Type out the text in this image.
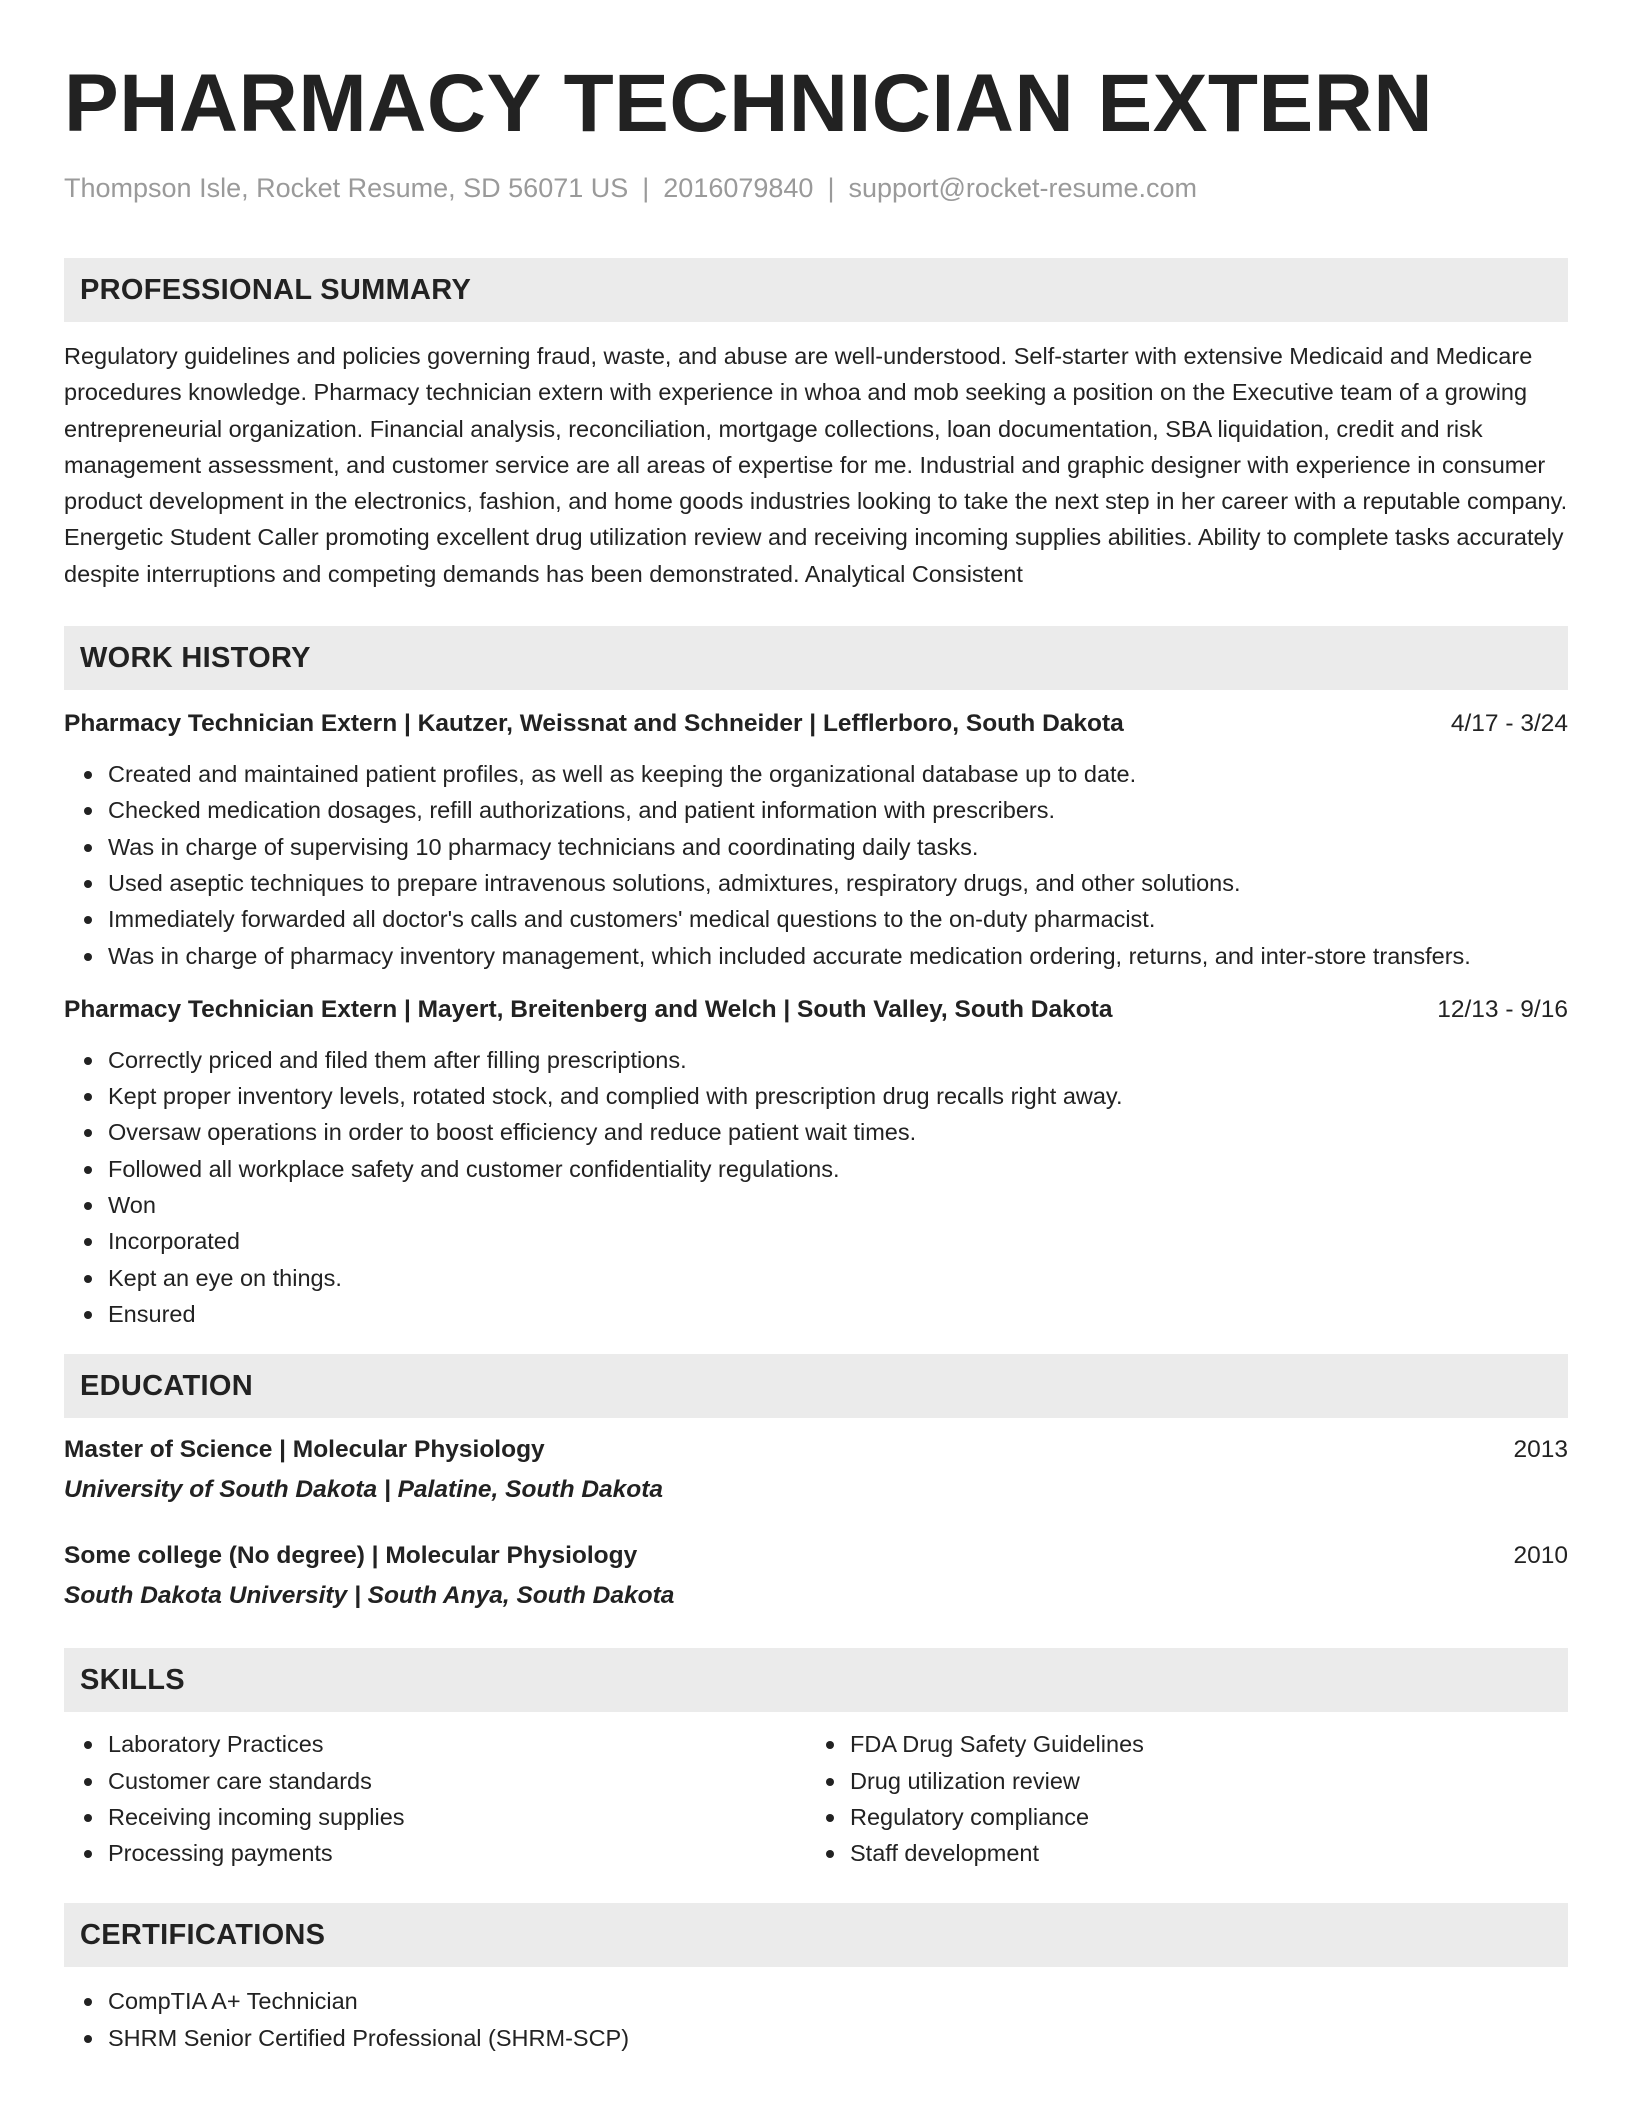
PHARMACY TECHNICIAN EXTERN
Thompson Isle, Rocket Resume, SD 56071 US | 2016079840 | support@rocket-resume.com
PROFESSIONAL SUMMARY
Regulatory guidelines and policies governing fraud, waste, and abuse are well-understood. Self-starter with extensive Medicaid and Medicare procedures knowledge. Pharmacy technician extern with experience in whoa and mob seeking a position on the Executive team of a growing entrepreneurial organization. Financial analysis, reconciliation, mortgage collections, loan documentation, SBA liquidation, credit and risk management assessment, and customer service are all areas of expertise for me. Industrial and graphic designer with experience in consumer product development in the electronics, fashion, and home goods industries looking to take the next step in her career with a reputable company. Energetic Student Caller promoting excellent drug utilization review and receiving incoming supplies abilities. Ability to complete tasks accurately despite interruptions and competing demands has been demonstrated. Analytical Consistent
WORK HISTORY
Pharmacy Technician Extern | Kautzer, Weissnat and Schneider | Lefflerboro, South Dakota	4/17 - 3/24
Created and maintained patient profiles, as well as keeping the organizational database up to date.
Checked medication dosages, refill authorizations, and patient information with prescribers.
Was in charge of supervising 10 pharmacy technicians and coordinating daily tasks.
Used aseptic techniques to prepare intravenous solutions, admixtures, respiratory drugs, and other solutions.
Immediately forwarded all doctor's calls and customers' medical questions to the on-duty pharmacist.
Was in charge of pharmacy inventory management, which included accurate medication ordering, returns, and inter-store transfers.
Pharmacy Technician Extern | Mayert, Breitenberg and Welch | South Valley, South Dakota	12/13 - 9/16
Correctly priced and filed them after filling prescriptions.
Kept proper inventory levels, rotated stock, and complied with prescription drug recalls right away.
Oversaw operations in order to boost efficiency and reduce patient wait times.
Followed all workplace safety and customer confidentiality regulations.
Won
Incorporated
Kept an eye on things.
Ensured
EDUCATION
Master of Science | Molecular Physiology	2013
University of South Dakota | Palatine, South Dakota
Some college (No degree) | Molecular Physiology	2010
South Dakota University | South Anya, South Dakota
SKILLS
Laboratory Practices
Customer care standards
Receiving incoming supplies
Processing payments
FDA Drug Safety Guidelines
Drug utilization review
Regulatory compliance
Staff development
CERTIFICATIONS
CompTIA A+ Technician
SHRM Senior Certified Professional (SHRM-SCP)
